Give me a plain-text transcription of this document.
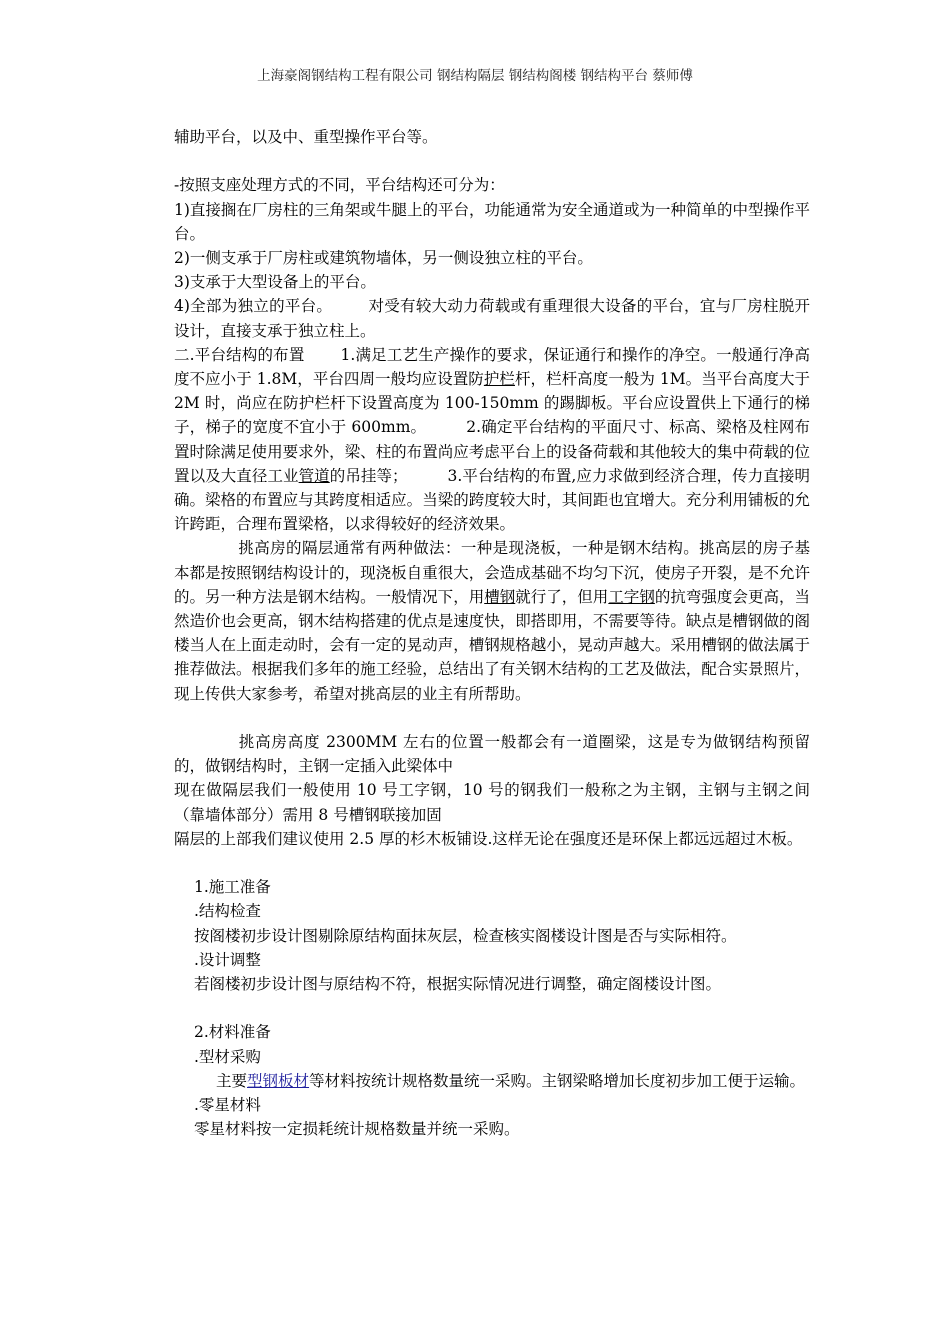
上海豪阁钢结构工程有限公司 钢结构隔层 钢结构阁楼 钢结构平台 蔡师傅

辅助平台，以及中、重型操作平台等。

-按照支座处理方式的不同，平台结构还可分为：

1)直接搁在厂房柱的三角架或牛腿上的平台，功能通常为安全通道或为一种简单的中型操作平台。

2)一侧支承于厂房柱或建筑物墙体，另一侧设独立柱的平台。

3)支承于大型设备上的平台。

4)全部为独立的平台。 对受有较大动力荷载或有重理很大设备的平台，宜与厂房柱脱开设计，直接支承于独立柱上。

二.平台结构的布置 1.满足工艺生产操作的要求，保证通行和操作的净空。一般通行净高度不应小于 1.8M，平台四周一般均应设置防护栏杆，栏杆高度一般为 1M。当平台高度大于 2M 时，尚应在防护栏杆下设置高度为 100-150mm 的踢脚板。平台应设置供上下通行的梯子，梯子的宽度不宜小于 600mm。	2.确定平台结构的平面尺寸、标高、梁格及柱网布置时除满足使用要求外，梁、柱的布置尚应考虑平台上的设备荷载和其他较大的集中荷载的位置以及大直径工业管道的吊挂等；	3.平台结构的布置,应力求做到经济合理，传力直接明确。梁格的布置应与其跨度相适应。当梁的跨度较大时，其间距也宜增大。充分利用铺板的允许跨距，合理布置梁格，以求得较好的经济效果。

挑高房的隔层通常有两种做法：一种是现浇板，一种是钢木结构。挑高层的房子基本都是按照钢结构设计的，现浇板自重很大，会造成基础不均匀下沉，使房子开裂，是不允许的。另一种方法是钢木结构。一般情况下，用槽钢就行了，但用工字钢的抗弯强度会更高，当然造价也会更高，钢木结构搭建的优点是速度快，即搭即用，不需要等待。缺点是槽钢做的阁楼当人在上面走动时，会有一定的晃动声，槽钢规格越小，晃动声越大。采用槽钢的做法属于推荐做法。根据我们多年的施工经验，总结出了有关钢木结构的工艺及做法，配合实景照片，现上传供大家参考，希望对挑高层的业主有所帮助。

挑高房高度 2300MM 左右的位置一般都会有一道圈梁，这是专为做钢结构预留的，做钢结构时，主钢一定插入此梁体中

现在做隔层我们一般使用 10 号工字钢，10 号的钢我们一般称之为主钢，主钢与主钢之间（靠墙体部分）需用 8 号槽钢联接加固

隔层的上部我们建议使用 2.5 厚的杉木板铺设.这样无论在强度还是环保上都远远超过木板。

1.施工准备

.结构检查

按阁楼初步设计图剔除原结构面抹灰层，检查核实阁楼设计图是否与实际相符。

.设计调整

若阁楼初步设计图与原结构不符，根据实际情况进行调整，确定阁楼设计图。

2.材料准备

.型材采购

主要型钢板材等材料按统计规格数量统一采购。主钢梁略增加长度初步加工便于运输。

.零星材料

零星材料按一定损耗统计规格数量并统一采购。
